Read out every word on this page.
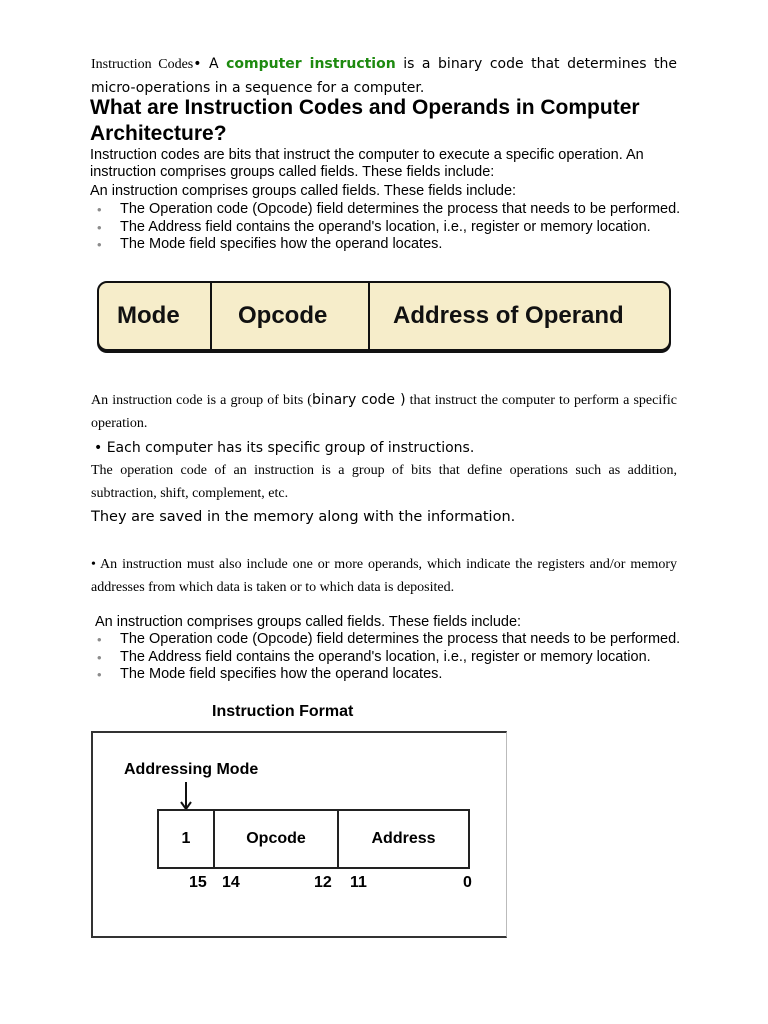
Instruction Codes• A computer instruction is a binary code that determines the micro-operations in a sequence for a computer.
What are Instruction Codes and Operands in Computer Architecture?
Instruction codes are bits that instruct the computer to execute a specific operation. An instruction comprises groups called fields. These fields include:
An instruction comprises groups called fields. These fields include:
• The Operation code (Opcode) field determines the process that needs to be performed.
• The Address field contains the operand's location, i.e., register or memory location.
• The Mode field specifies how the operand locates.
Mode	Opcode	Address of Operand
An instruction code is a group of bits (binary code ) that instruct the computer to perform a specific operation.
• Each computer has its specific group of instructions.
The operation code of an instruction is a group of bits that define operations such as addition, subtraction, shift, complement, etc.
They are saved in the memory along with the information.
• An instruction must also include one or more operands, which indicate the registers and/or memory addresses from which data is taken or to which data is deposited.
An instruction comprises groups called fields. These fields include:
• The Operation code (Opcode) field determines the process that needs to be performed.
• The Address field contains the operand's location, i.e., register or memory location.
• The Mode field specifies how the operand locates.
Instruction Format
Addressing Mode
1	Opcode	Address
15 14	12 11	0
